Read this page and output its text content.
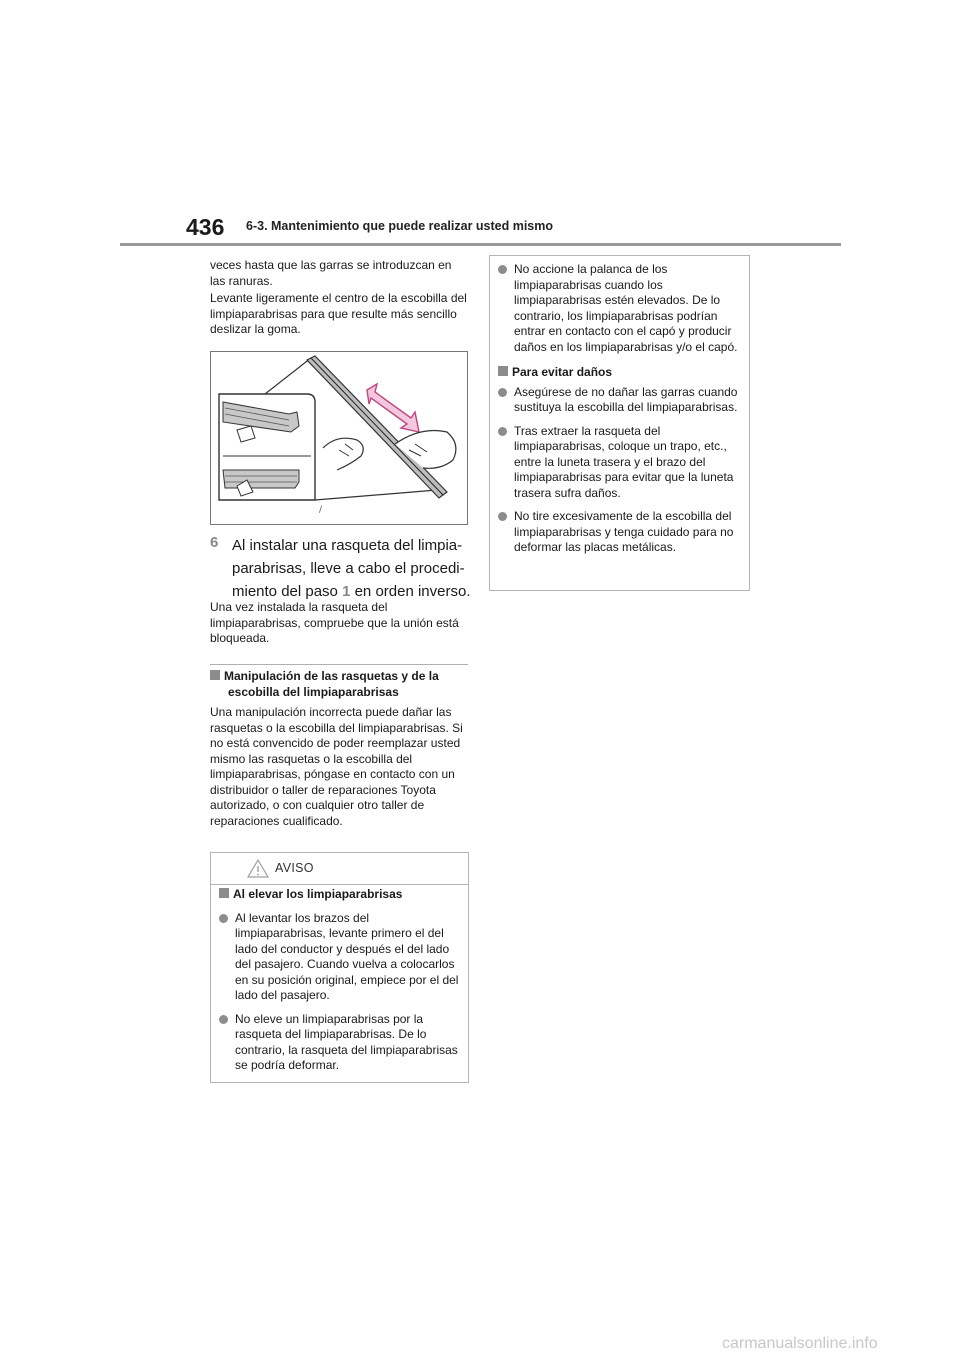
436 6-3. Mantenimiento que puede realizar usted mismo

veces hasta que las garras se introduzcan en las ranuras.

Levante ligeramente el centro de la escobilla del limpiaparabrisas para que resulte más sencillo deslizar la goma.

/
6 Al instalar una rasqueta del limpiaparabrisas, lleve a cabo el procedimiento del paso 1 en orden inverso.

Una vez instalada la rasqueta del limpiaparabrisas, compruebe que la unión está bloqueada.

Manipulación de las rasquetas y de la
escobilla del limpiaparabrisas

Una manipulación incorrecta puede dañar las rasquetas o la escobilla del limpiaparabrisas. Si no está convencido de poder reemplazar usted mismo las rasquetas o la escobilla del limpiaparabrisas, póngase en contacto con un distribuidor o taller de reparaciones Toyota autorizado, o con cualquier otro taller de reparaciones cualificado.

AVISO
Al elevar los limpiaparabrisas
Al levantar los brazos del limpiaparabrisas, levante primero el del lado del conductor y después el del lado del pasajero. Cuando vuelva a colocarlos en su posición original, empiece por el del lado del pasajero.
No eleve un limpiaparabrisas por la rasqueta del limpiaparabrisas. De lo contrario, la rasqueta del limpiaparabrisas se podría deformar.
No accione la palanca de los limpiaparabrisas cuando los limpiaparabrisas estén elevados. De lo contrario, los limpiaparabrisas podrían entrar en contacto con el capó y producir daños en los limpiaparabrisas y/o el capó.
Para evitar daños
Asegúrese de no dañar las garras cuando sustituya la escobilla del limpiaparabrisas.
Tras extraer la rasqueta del limpiaparabrisas, coloque un trapo, etc., entre la luneta trasera y el brazo del limpiaparabrisas para evitar que la luneta trasera sufra daños.
No tire excesivamente de la escobilla del limpiaparabrisas y tenga cuidado para no deformar las placas metálicas.
carmanualsonline.info
